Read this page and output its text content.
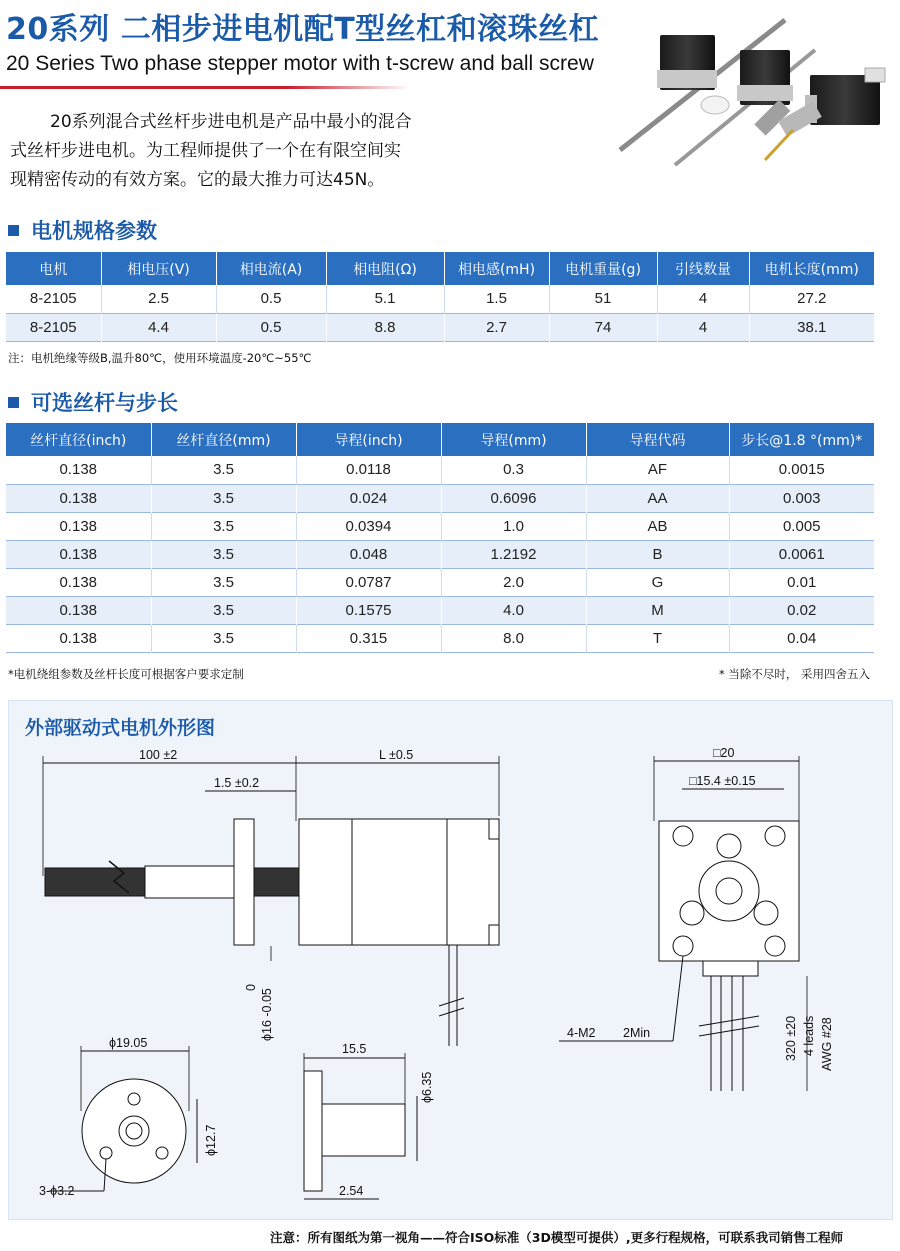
20系列 二相步进电机配T型丝杠和滚珠丝杠
20 Series Two phase stepper motor with t-screw and ball screw
20系列混合式丝杆步进电机是产品中最小的混合
式丝杆步进电机。为工程师提供了一个在有限空间实
现精密传动的有效方案。它的最大推力可达45N。
电机规格参数
电机	相电压(V)	相电流(A)	相电阻(Ω)	相电感(mH)	电机重量(g)	引线数量	电机长度(mm)
8-2105	2.5	0.5	5.1	1.5	51	4	27.2
8-2105	4.4	0.5	8.8	2.7	74	4	38.1
注：电机绝缘等级B,温升80℃，使用环境温度-20℃~55℃
可选丝杆与步长
丝杆直径(inch)	丝杆直径(mm)	导程(inch)	导程(mm)	导程代码	步长@1.8 °(mm)*
0.138	3.5	0.0118	0.3	AF	0.0015
0.138	3.5	0.024	0.6096	AA	0.003
0.138	3.5	0.0394	1.0	AB	0.005
0.138	3.5	0.048	1.2192	B	0.0061
0.138	3.5	0.0787	2.0	G	0.01
0.138	3.5	0.1575	4.0	M	0.02
0.138	3.5	0.315	8.0	T	0.04
*电机绕组参数及丝杆长度可根据客户要求定制	* 当除不尽时， 采用四舍五入
外部驱动式电机外形图
100 ±2	L ±0.5
1.5 ±0.2
ϕ16 -0.05
0
□20
□15.4 ±0.15
4-M2 2Min	320 ±20 4 leads AWG #28
ϕ19.05
ϕ12.7
3-ϕ3.2
15.5
ϕ6.35
2.54
注意：所有图纸为第一视角——符合ISO标准（3D模型可提供）,更多行程规格，可联系我司销售工程师
